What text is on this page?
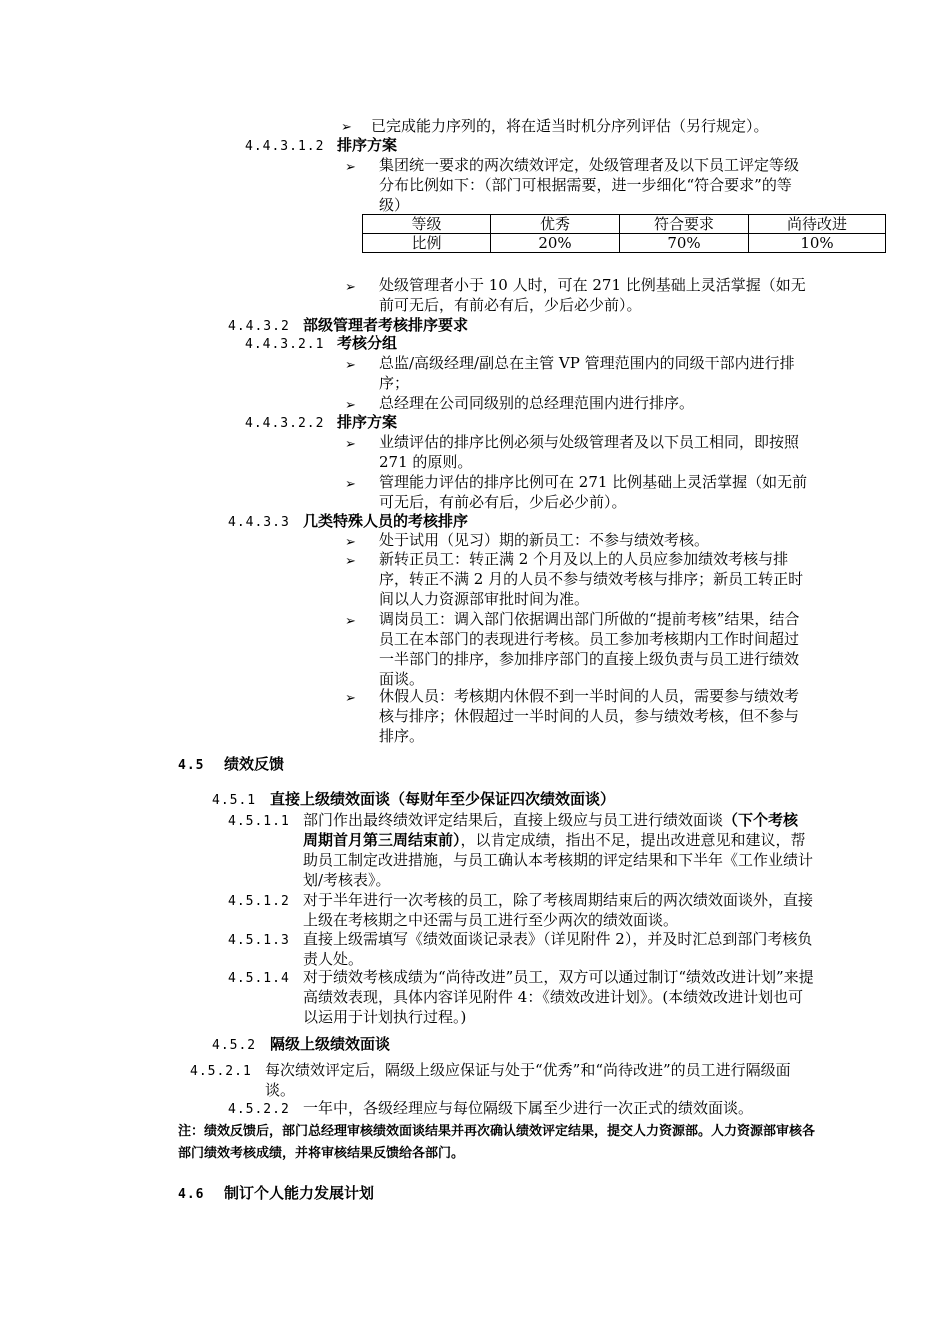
➢ 已完成能力序列的，将在适当时机分序列评估（另行规定）。
4.4.3.1.2 排序方案
➢ 集团统一要求的两次绩效评定，处级管理者及以下员工评定等级分布比例如下：（部门可根据需要，进一步细化“符合要求”的等级）
等级	优秀	符合要求	尚待改进
比例	20%	70%	10%
➢ 处级管理者小于 10 人时，可在 271 比例基础上灵活掌握（如无前可无后，有前必有后，少后必少前）。
4.4.3.2 部级管理者考核排序要求
4.4.3.2.1 考核分组
➢ 总监/高级经理/副总在主管 VP 管理范围内的同级干部内进行排序；
➢ 总经理在公司同级别的总经理范围内进行排序。
4.4.3.2.2 排序方案
➢ 业绩评估的排序比例必须与处级管理者及以下员工相同，即按照 271 的原则。
➢ 管理能力评估的排序比例可在 271 比例基础上灵活掌握（如无前可无后，有前必有后，少后必少前）。
4.4.3.3 几类特殊人员的考核排序
➢ 处于试用（见习）期的新员工：不参与绩效考核。
➢ 新转正员工：转正满 2 个月及以上的人员应参加绩效考核与排序，转正不满 2 月的人员不参与绩效考核与排序；新员工转正时间以人力资源部审批时间为准。
➢ 调岗员工：调入部门依据调出部门所做的“提前考核”结果，结合员工在本部门的表现进行考核。员工参加考核期内工作时间超过一半部门的排序，参加排序部门的直接上级负责与员工进行绩效面谈。
➢ 休假人员：考核期内休假不到一半时间的人员，需要参与绩效考核与排序；休假超过一半时间的人员，参与绩效考核，但不参与排序。
4.5 绩效反馈
4.5.1 直接上级绩效面谈（每财年至少保证四次绩效面谈）
4.5.1.1 部门作出最终绩效评定结果后，直接上级应与员工进行绩效面谈（下个考核周期首月第三周结束前），以肯定成绩，指出不足，提出改进意见和建议，帮助员工制定改进措施，与员工确认本考核期的评定结果和下半年《工作业绩计划/考核表》。
4.5.1.2 对于半年进行一次考核的员工，除了考核周期结束后的两次绩效面谈外，直接上级在考核期之中还需与员工进行至少两次的绩效面谈。
4.5.1.3 直接上级需填写《绩效面谈记录表》（详见附件 2），并及时汇总到部门考核负责人处。
4.5.1.4 对于绩效考核成绩为“尚待改进”员工，双方可以通过制订“绩效改进计划”来提高绩效表现，具体内容详见附件 4：《绩效改进计划》。(本绩效改进计划也可以运用于计划执行过程。)
4.5.2 隔级上级绩效面谈
4.5.2.1 每次绩效评定后，隔级上级应保证与处于“优秀”和“尚待改进”的员工进行隔级面谈。
4.5.2.2 一年中，各级经理应与每位隔级下属至少进行一次正式的绩效面谈。
注：绩效反馈后，部门总经理审核绩效面谈结果并再次确认绩效评定结果，提交人力资源部。人力资源部审核各部门绩效考核成绩，并将审核结果反馈给各部门。
4.6 制订个人能力发展计划
